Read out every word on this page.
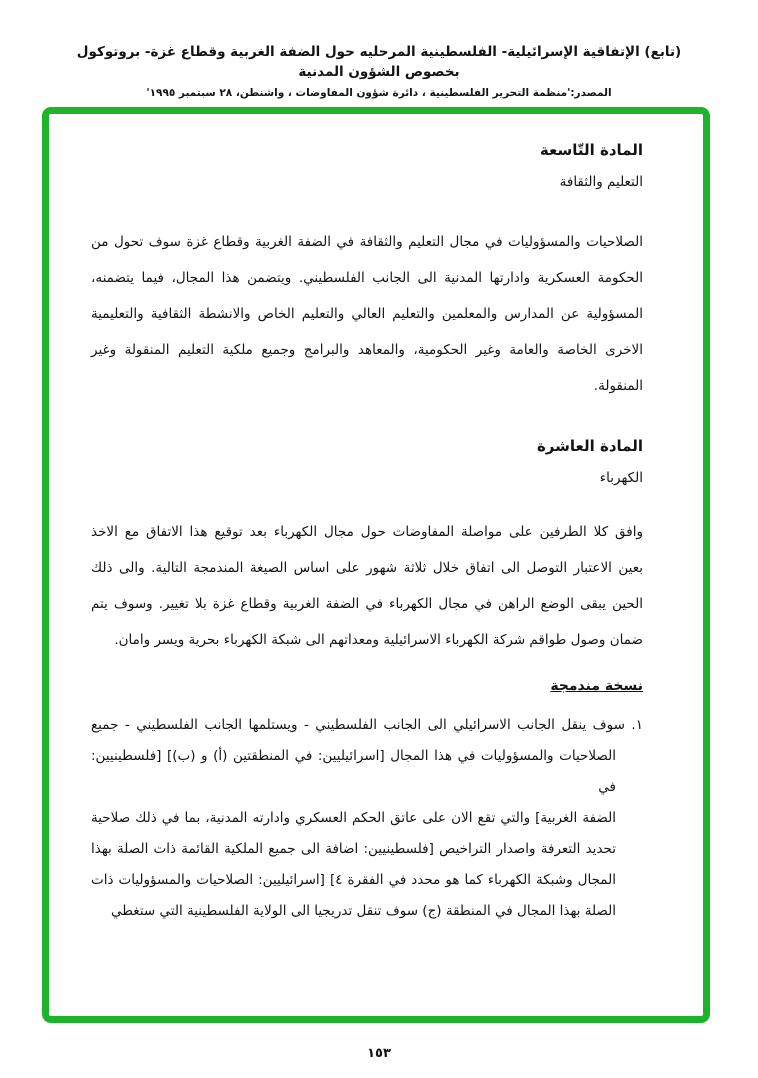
(تابع) الإتفاقية الإسرائيلية- الفلسطينية المرحليه حول الضفة الغربية وقطاع غزة- بروتوكول بخصوص الشؤون المدنية
المصدر:'منظمة التحرير الفلسطينية ، دائرة شؤون المفاوضات ، واشنطن، ٢٨ سبتمبر ١٩٩٥'
المادة التّاسعة
التعليم والثقافة
الصلاحيات والمسؤوليات في مجال التعليم والثقافة في الضفة الغربية وقطاع غزة سوف تحول من
الحكومة العسكرية وادارتها المدنية الى الجانب الفلسطيني. ويتضمن هذا المجال، فيما يتضمنه،
المسؤولية عن المدارس والمعلمين والتعليم العالي والتعليم الخاص والانشطة الثقافية والتعليمية
الاخرى الخاصة والعامة وغير الحكومية، والمعاهد والبرامج وجميع ملكية التعليم المنقولة وغير
المنقولة.
المادة العاشرة
الكهرباء
وافق كلا الطرفين على مواصلة المفاوضات حول مجال الكهرباء بعد توقيع هذا الاتفاق مع الاخذ
بعين الاعتبار التوصل الى اتفاق خلال ثلاثة شهور على اساس الصيغة المندمجة التالية. والى ذلك
الحين يبقى الوضع الراهن في مجال الكهرباء في الضفة الغربية وقطاع غزة بلا تغيير. وسوف يتم
ضمان وصول طواقم شركة الكهرباء الاسرائيلية ومعداتهم الى شبكة الكهرباء بحرية ويسر وامان.
نسخة مندمجة
١. سوف ينقل الجانب الاسرائيلي الى الجانب الفلسطيني - ويستلمها الجانب الفلسطيني - جميع
الصلاحيات والمسؤوليات في هذا المجال [اسرائيليين: في المنطقتين (أ) و (ب)] [فلسطينيين: في
الضفة الغربية] والتي تقع الان على عاتق الحكم العسكري وادارته المدنية، بما في ذلك صلاحية
تحديد التعرفة واصدار التراخيص [فلسطينيين: اضافة الى جميع الملكية القائمة ذات الصلة بهذا
المجال وشبكة الكهرباء كما هو محدد في الفقرة ٤] [اسرائيليين: الصلاحيات والمسؤوليات ذات
الصلة بهذا المجال في المنطقة (ج) سوف تنقل تدريجيا الى الولاية الفلسطينية التي ستغطي
١٥٣
